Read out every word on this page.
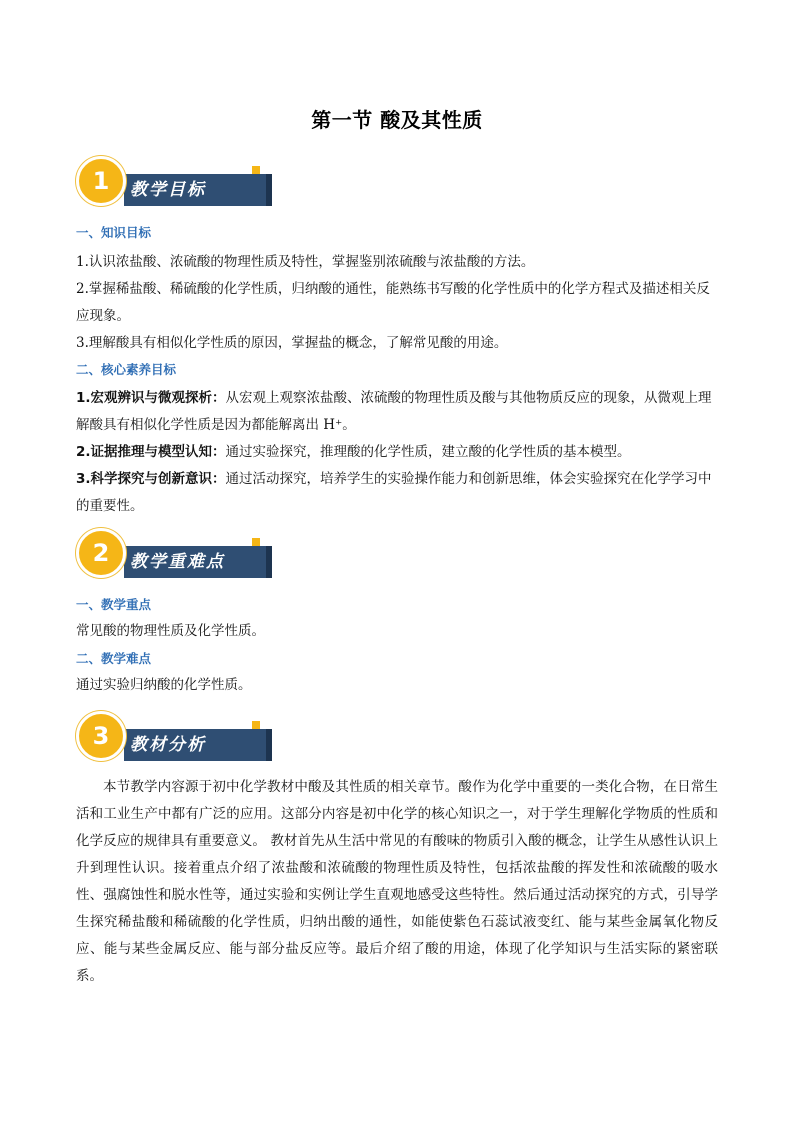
第一节 酸及其性质
1	教学目标
一、知识目标
1.认识浓盐酸、浓硫酸的物理性质及特性，掌握鉴别浓硫酸与浓盐酸的方法。
2.掌握稀盐酸、稀硫酸的化学性质，归纳酸的通性，能熟练书写酸的化学性质中的化学方程式及描述相关反应现象。
3.理解酸具有相似化学性质的原因，掌握盐的概念，了解常见酸的用途。
二、核心素养目标
1.宏观辨识与微观探析：从宏观上观察浓盐酸、浓硫酸的物理性质及酸与其他物质反应的现象，从微观上理解酸具有相似化学性质是因为都能解离出 H⁺。
2.证据推理与模型认知：通过实验探究，推理酸的化学性质，建立酸的化学性质的基本模型。
3.科学探究与创新意识：通过活动探究，培养学生的实验操作能力和创新思维，体会实验探究在化学学习中的重要性。
2	教学重难点
一、教学重点
常见酸的物理性质及化学性质。
二、教学难点
通过实验归纳酸的化学性质。
3	教材分析
本节教学内容源于初中化学教材中酸及其性质的相关章节。酸作为化学中重要的一类化合物，在日常生活和工业生产中都有广泛的应用。这部分内容是初中化学的核心知识之一，对于学生理解化学物质的性质和化学反应的规律具有重要意义。 教材首先从生活中常见的有酸味的物质引入酸的概念，让学生从感性认识上升到理性认识。接着重点介绍了浓盐酸和浓硫酸的物理性质及特性，包括浓盐酸的挥发性和浓硫酸的吸水性、强腐蚀性和脱水性等，通过实验和实例让学生直观地感受这些特性。然后通过活动探究的方式，引导学生探究稀盐酸和稀硫酸的化学性质，归纳出酸的通性，如能使紫色石蕊试液变红、能与某些金属氧化物反应、能与某些金属反应、能与部分盐反应等。最后介绍了酸的用途，体现了化学知识与生活实际的紧密联系。
